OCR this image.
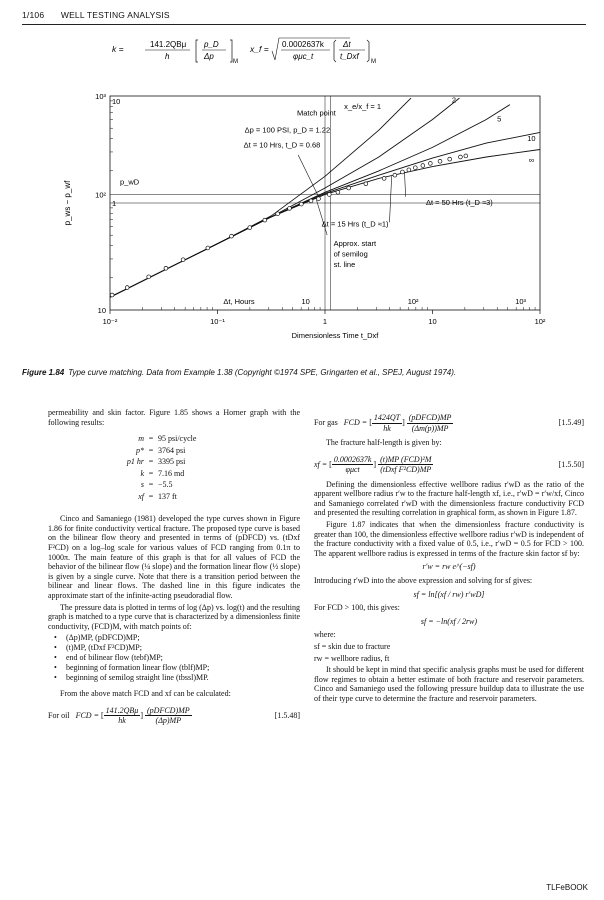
1/106 WELL TESTING ANALYSIS
k =	141.2QBμ
h
p_D
Δp
M
x_f = 0.0002637k
φμc_t
Δt
t_Dxf
M
10⁻²	10⁻¹	1	10	10²
10	10²	10³
Δt, Hours
Dimensionless Time t_Dxf
10
10²
10³
1
10
p_wD
p_ws − p_wf
x_e/x_f = 1
2
5
10
∞
Match point
Δp = 100 PSI, p_D = 1.22
Δt = 10 Hrs, t_D = 0.68
Δt = 50 Hrs (t_D ≈3)
Δt = 15 Hrs (t_D ≈1)
Approx. start
of semilog
st. line
Figure 1.84 Type curve matching. Data from Example 1.38 (Copyright ©1974 SPE, Gringarten et al., SPEJ, August 1974).

permeability and skin factor. Figure 1.85 shows a Horner graph with the following results:

m = 95 psi/cycle
p* = 3764 psi
p1 hr = 3395 psi
k = 7.16 md
s = −5.5
xf = 137 ft

Cinco and Samaniego (1981) developed the type curves shown in Figure 1.86 for finite conductivity vertical fracture. The proposed type curve is based on the bilinear flow theory and presented in terms of (pDFCD) vs. (tDxf F²CD) on a log–log scale for various values of FCD ranging from 0.1π to 1000π. The main feature of this graph is that for all values of FCD the behavior of the bilinear flow (¼ slope) and the formation linear flow (½ slope) is given by a single curve. Note that there is a transition period between the bilinear and linear flows. The dashed line in this figure indicates the approximate start of the infinite-acting pseudoradial flow.

The pressure data is plotted in terms of log (Δp) vs. log(t) and the resulting graph is matched to a type curve that is characterized by a dimensionless finite conductivity, (FCD)M, with match points of:

• (Δp)MP, (pDFCD)MP;
• (t)MP, (tDxf F²CD)MP;
• end of bilinear flow (tebf)MP;
• beginning of formation linear flow (tblf)MP;
• beginning of semilog straight line (tbssl)MP.

From the above match FCD and xf can be calculated:

For oil FCD = [ $\frac{\text{141.2QBμ}}{hk}$ ] $\frac{\text{(pDFCD)MP}}{(\Delta p)MP}$	[1.5.48]
For gas FCD = [ $\frac{1424QT}{hk}$ ] $\frac{\text{(pDFCD)MP}}{(\Delta m(p))MP}$	[1.5.49]

The fracture half-length is given by:

xf = [ $\frac{0.0002637k}{\text{φμct}}$ ] $\frac{\text{(t)MP (FCD)²M}}{\text{(tDxf F²CD)MP}}$	[1.5.50]

Defining the dimensionless effective wellbore radius r′wD as the ratio of the apparent wellbore radius r′w to the fracture half-length xf, i.e., r′wD = r′w/xf, Cinco and Samaniego correlated r′wD with the dimensionless fracture conductivity FCD and presented the resulting correlation in graphical form, as shown in Figure 1.87.

Figure 1.87 indicates that when the dimensionless fracture conductivity is greater than 100, the dimensionless effective wellbore radius r′wD is independent of the fracture conductivity with a fixed value of 0.5, i.e., r′wD = 0.5 for FCD > 100. The apparent wellbore radius is expressed in terms of the fracture skin factor sf by:

r′w = rw e^(−sf)

Introducing r′wD into the above expression and solving for sf gives:

sf = ln[(xf / rw) r′wD]

For FCD > 100, this gives:

sf = −ln(xf / 2rw)

where:

sf = skin due to fracture

rw = wellbore radius, ft

It should be kept in mind that specific analysis graphs must be used for different flow regimes to obtain a better estimate of both fracture and reservoir parameters. Cinco and Samaniego used the following pressure buildup data to illustrate the use of their type curve to determine the fracture and reservoir parameters.

TLFeBOOK
